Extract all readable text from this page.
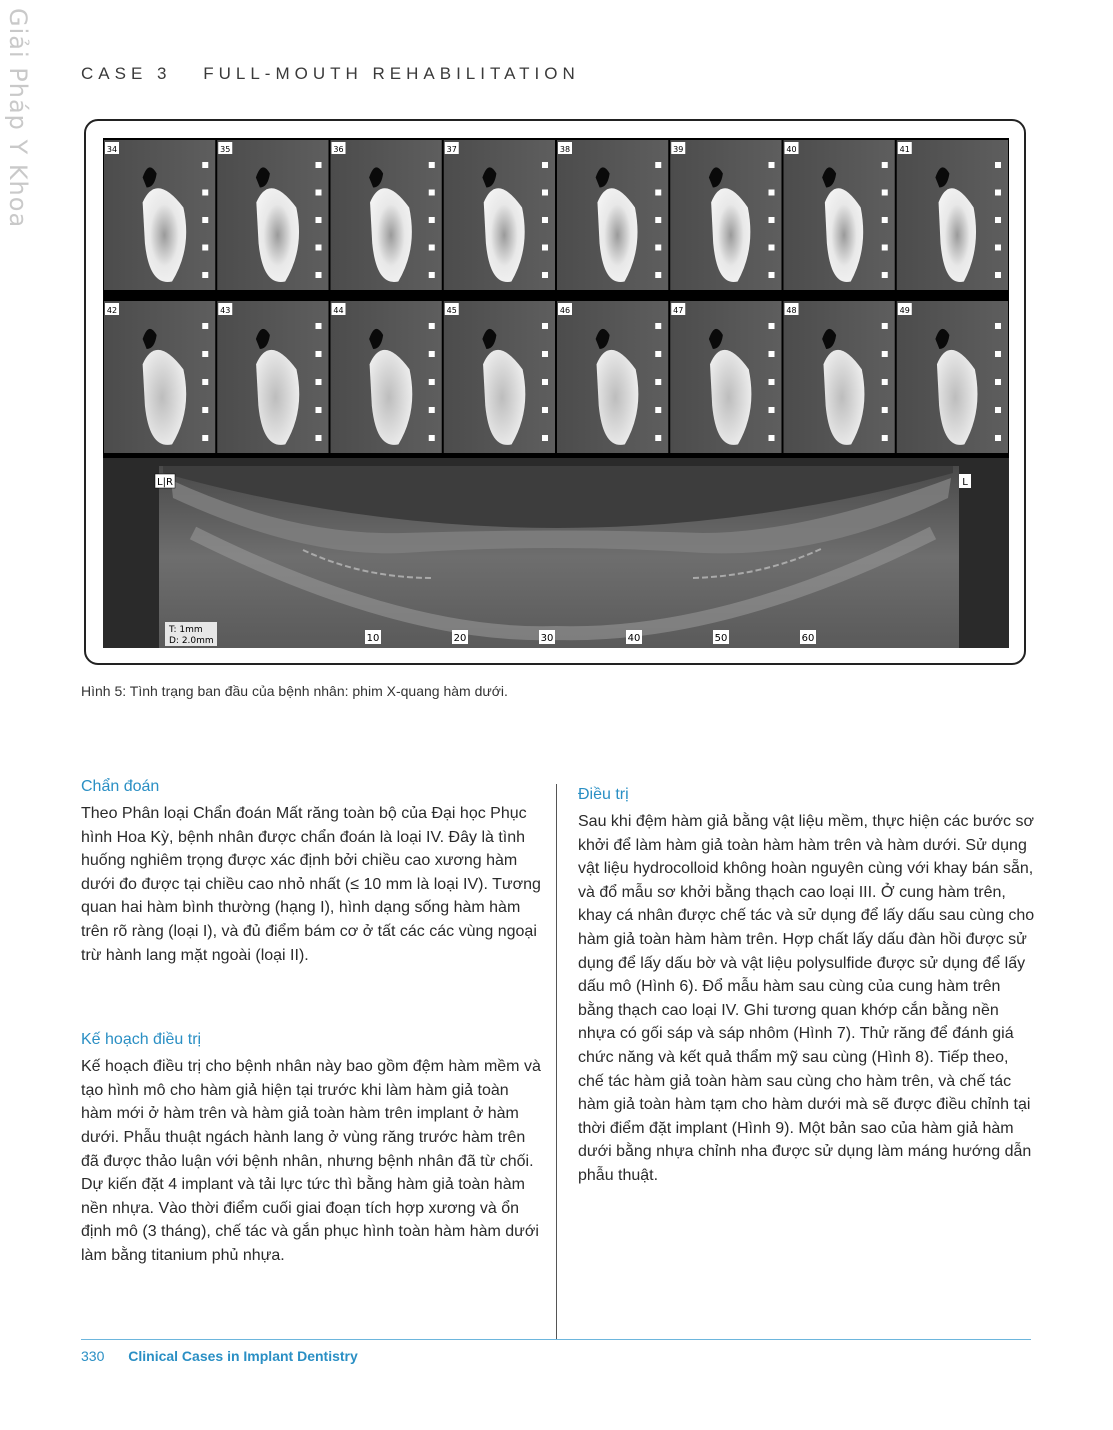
Giải Pháp Y Khoa	CASE 3 FULL-MOUTH REHABILITATION
34	35	36	37	38	39	40	41
42	43	44	45	46	47	48	49
L|R	L
T: 1mm
D: 2.0mm	10	20	30	40	50	60
Hình 5: Tình trạng ban đầu của bệnh nhân: phim X-quang hàm dưới.
Chẩn đoán

Theo Phân loại Chẩn đoán Mất răng toàn bộ của Đại học Phục hình Hoa Kỳ, bệnh nhân được chẩn đoán là loại IV. Đây là tình huống nghiêm trọng được xác định bởi chiều cao xương hàm dưới đo được tại chiều cao nhỏ nhất (≤ 10 mm là loại IV). Tương quan hai hàm bình thường (hạng I), hình dạng sống hàm hàm trên rõ ràng (loại I), và đủ điểm bám cơ ở tất các các vùng ngoại trừ hành lang mặt ngoài (loại II).

Kế hoạch điều trị

Kế hoạch điều trị cho bệnh nhân này bao gồm đệm hàm mềm và tạo hình mô cho hàm giả hiện tại trước khi làm hàm giả toàn hàm mới ở hàm trên và hàm giả toàn hàm trên implant ở hàm dưới. Phẫu thuật ngách hành lang ở vùng răng trước hàm trên đã được thảo luận với bệnh nhân, nhưng bệnh nhân đã từ chối. Dự kiến đặt 4 implant và tải lực tức thì bằng hàm giả toàn hàm nền nhựa. Vào thời điểm cuối giai đoạn tích hợp xương và ổn định mô (3 tháng), chế tác và gắn phục hình toàn hàm hàm dưới làm bằng titanium phủ nhựa.

Điều trị

Sau khi đệm hàm giả bằng vật liệu mềm, thực hiện các bước sơ khởi để làm hàm giả toàn hàm hàm trên và hàm dưới. Sử dụng vật liệu hydrocolloid không hoàn nguyên cùng với khay bán sẵn, và đổ mẫu sơ khởi bằng thạch cao loại III. Ở cung hàm trên, khay cá nhân được chế tác và sử dụng để lấy dấu sau cùng cho hàm giả toàn hàm hàm trên. Hợp chất lấy dấu đàn hồi được sử dụng để lấy dấu bờ và vật liệu polysulfide được sử dụng để lấy dấu mô (Hình 6). Đổ mẫu hàm sau cùng của cung hàm trên bằng thạch cao loại IV. Ghi tương quan khớp cắn bằng nền nhựa có gối sáp và sáp nhôm (Hình 7). Thử răng để đánh giá chức năng và kết quả thẩm mỹ sau cùng (Hình 8). Tiếp theo, chế tác hàm giả toàn hàm sau cùng cho hàm trên, và chế tác hàm giả toàn hàm tạm cho hàm dưới mà sẽ được điều chỉnh tại thời điểm đặt implant (Hình 9). Một bản sao của hàm giả hàm dưới bằng nhựa chỉnh nha được sử dụng làm máng hướng dẫn phẫu thuật.

330 Clinical Cases in Implant Dentistry
